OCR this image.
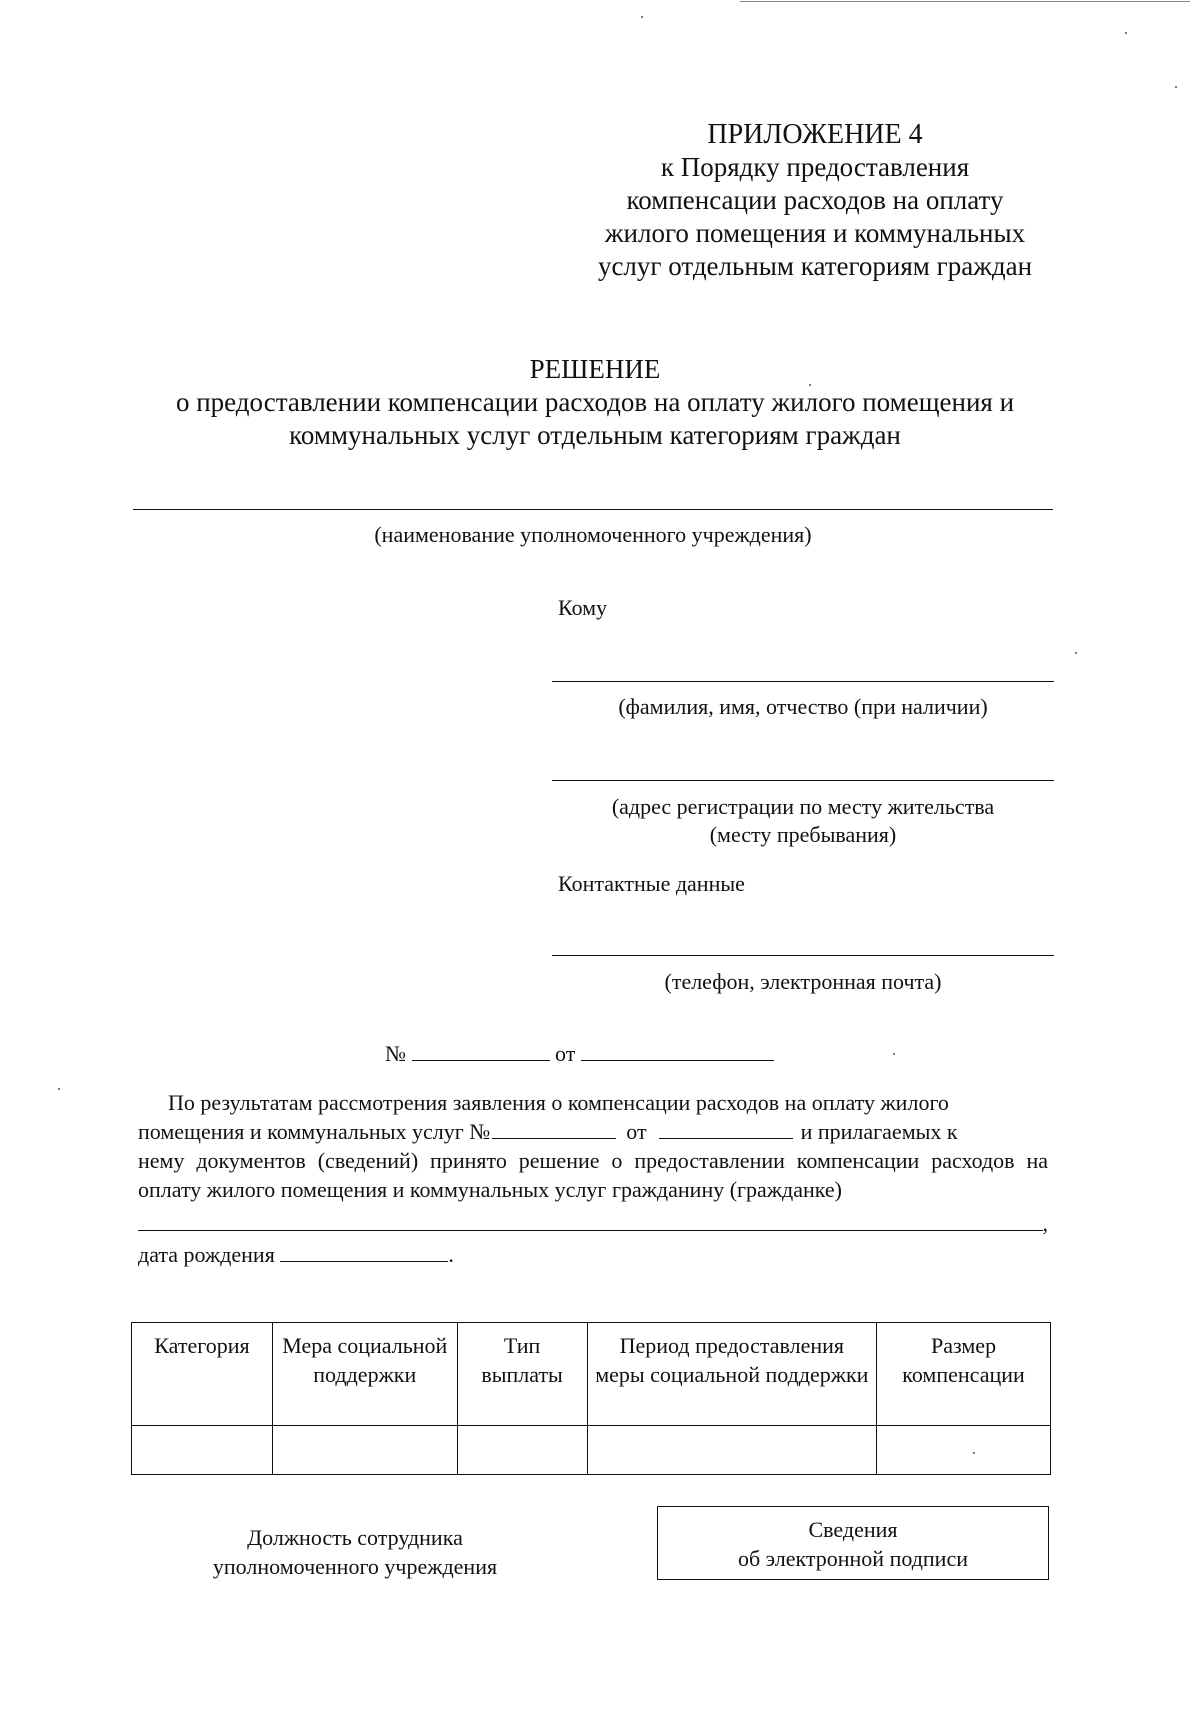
ПРИЛОЖЕНИЕ 4
к Порядку предоставления
компенсации расходов на оплату
жилого помещения и коммунальных
услуг отдельным категориям граждан
РЕШЕНИЕ
о предоставлении компенсации расходов на оплату жилого помещения и
коммунальных услуг отдельным категориям граждан
(наименование уполномоченного учреждения)
Кому
(фамилия, имя, отчество (при наличии)
(адрес регистрации по месту жительства
(месту пребывания)
Контактные данные
(телефон, электронная почта)
№	от

По результатам рассмотрения заявления о компенсации расходов на оплату жилого

помещения и коммунальных услуг №	от	и прилагаемых к
нему документов (сведений) принято решение о предоставлении компенсации расходов на оплату жилого помещения и коммунальных услуг гражданину (гражданке)
,
дата рождения	.
Категория	Мера социальной поддержки	Тип выплаты	Период предоставления меры социальной поддержки	Размер компенсации

Должность сотрудника
уполномоченного учреждения
Сведения
об электронной подписи
